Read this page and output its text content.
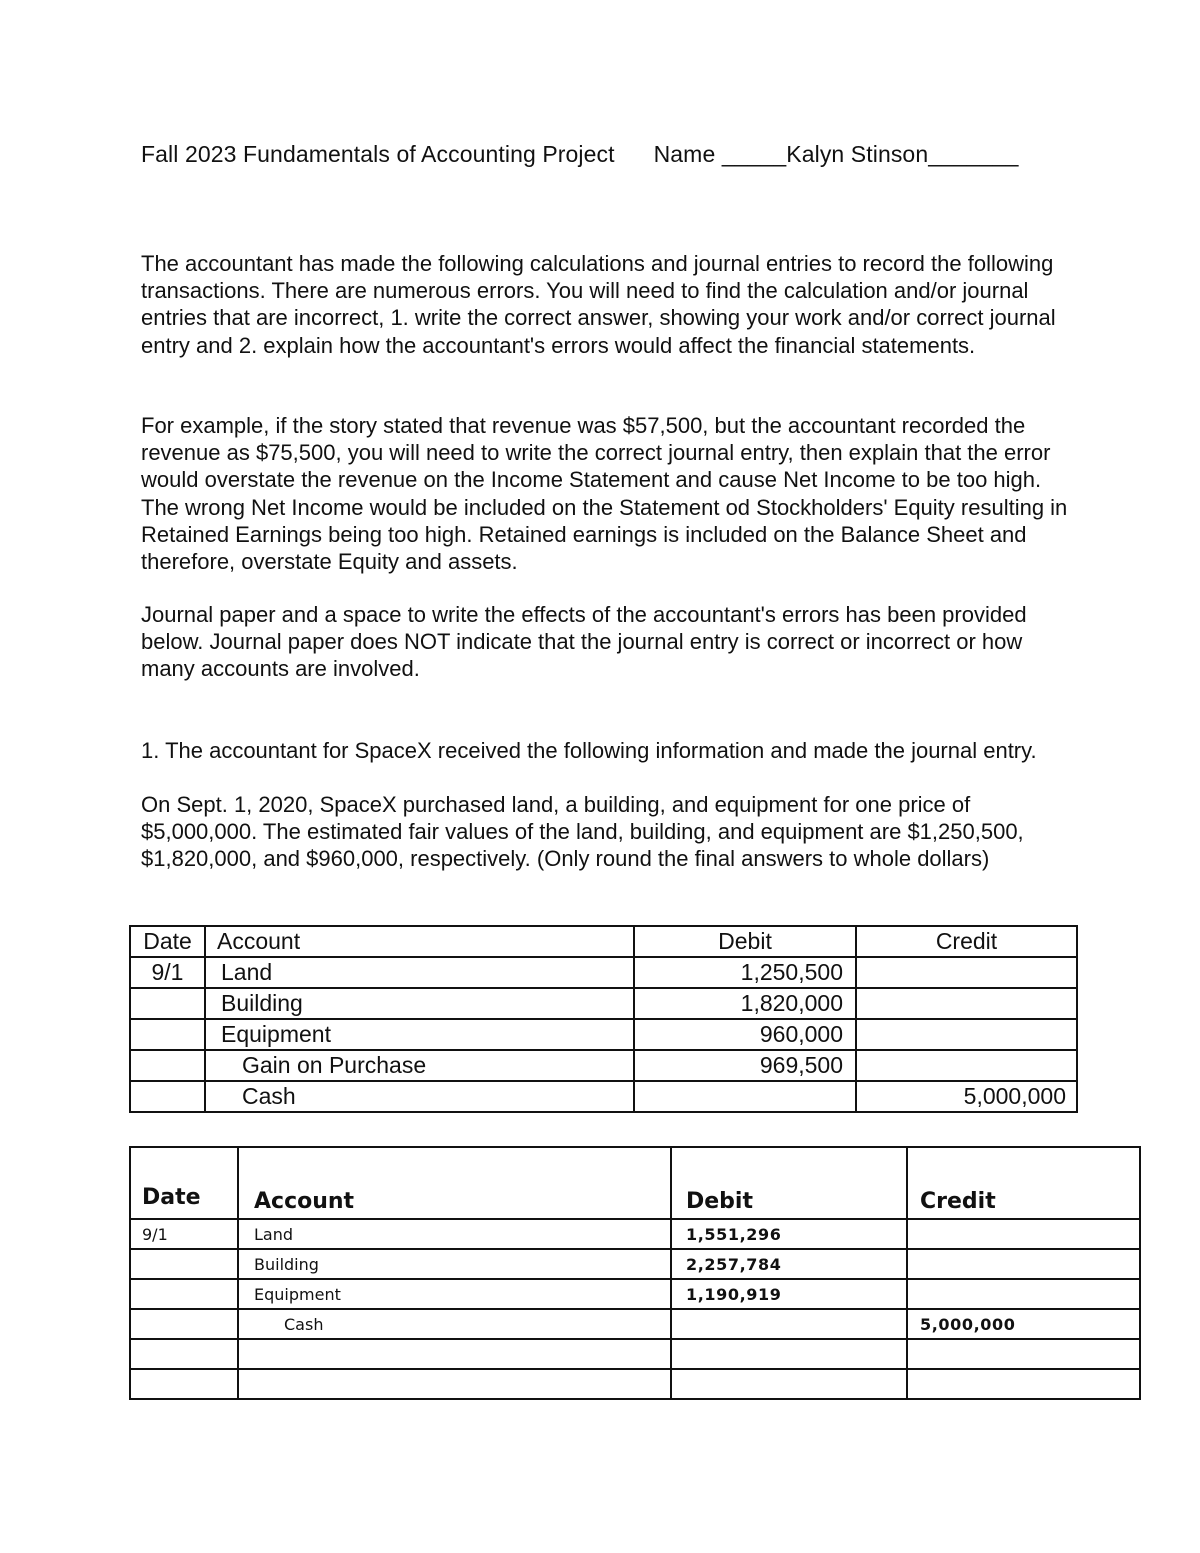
Fall 2023 Fundamentals of Accounting Project Name _____Kalyn Stinson_______

The accountant has made the following calculations and journal entries to record the following transactions. There are numerous errors. You will need to find the calculation and/or journal entries that are incorrect, 1. write the correct answer, showing your work and/or correct journal entry and 2. explain how the accountant's errors would affect the financial statements.

For example, if the story stated that revenue was $57,500, but the accountant recorded the revenue as $75,500, you will need to write the correct journal entry, then explain that the error would overstate the revenue on the Income Statement and cause Net Income to be too high. The wrong Net Income would be included on the Statement od Stockholders' Equity resulting in Retained Earnings being too high. Retained earnings is included on the Balance Sheet and therefore, overstate Equity and assets.

Journal paper and a space to write the effects of the accountant's errors has been provided below. Journal paper does NOT indicate that the journal entry is correct or incorrect or how many accounts are involved.

1. The accountant for SpaceX received the following information and made the journal entry.

On Sept. 1, 2020, SpaceX purchased land, a building, and equipment for one price of $5,000,000. The estimated fair values of the land, building, and equipment are $1,250,500, $1,820,000, and $960,000, respectively. (Only round the final answers to whole dollars)

Date	Account	Debit	Credit
9/1	Land	1,250,500	
	Building	1,820,000	
	Equipment	960,000	
	Gain on Purchase	969,500	
	Cash		5,000,000
Date	Account	Debit	Credit
9/1	Land	1,551,296	
	Building	2,257,784	
	Equipment	1,190,919	
	Cash		5,000,000
